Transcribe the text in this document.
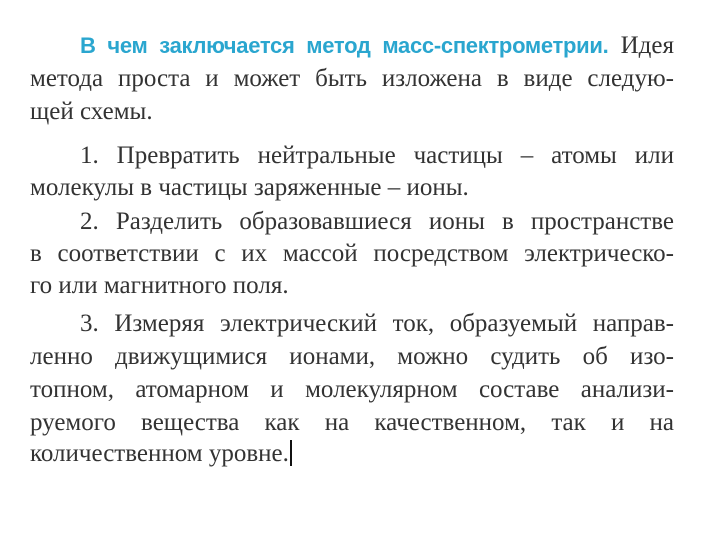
В чем заключается метод масс-спектрометрии. Идея
метода проста и может быть изложена в виде следую-
щей схемы.
1. Превратить нейтральные частицы – атомы или
молекулы в частицы заряженные – ионы.
2. Разделить образовавшиеся ионы в пространстве
в соответствии с их массой посредством электрическо-
го или магнитного поля.
3. Измеряя электрический ток, образуемый направ-
ленно движущимися ионами, можно судить об изо-
топном, атомарном и молекулярном составе анализи-
руемого вещества как на качественном, так и на
количественном уровне.
